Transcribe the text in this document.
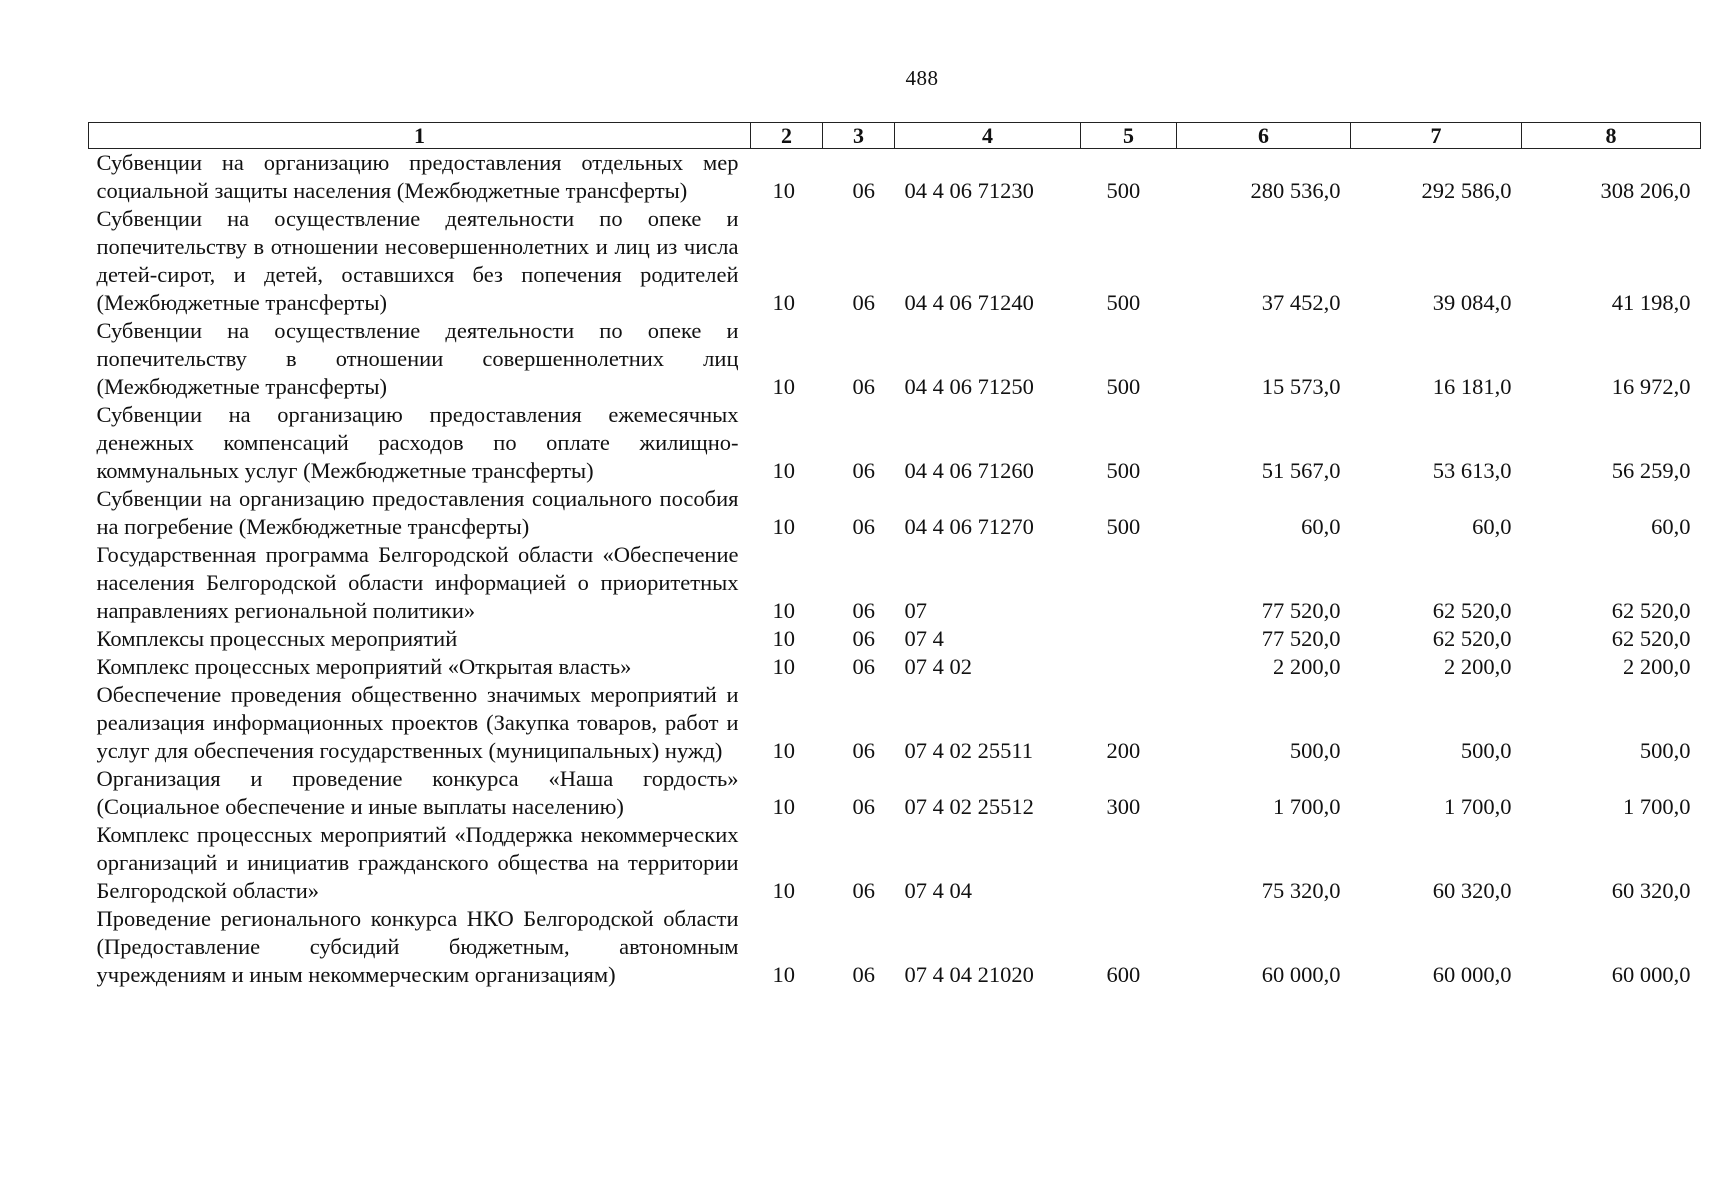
488
1	2	3	4	5	6	7	8
Субвенции на организацию предоставления отдельных мер социальной защиты населения (Межбюджетные трансферты)	10	06	04 4 06 71230	500	280 536,0	292 586,0	308 206,0
Субвенции на осуществление деятельности по опеке и попечительству в отношении несовершеннолетних и лиц из числа детей-сирот, и детей, оставшихся без попечения родителей (Межбюджетные трансферты)	10	06	04 4 06 71240	500	37 452,0	39 084,0	41 198,0
Субвенции на осуществление деятельности по опеке и попечительству в отношении совершеннолетних лиц (Межбюджетные трансферты)	10	06	04 4 06 71250	500	15 573,0	16 181,0	16 972,0
Субвенции на организацию предоставления ежемесячных денежных компенсаций расходов по оплате жилищно-коммунальных услуг (Межбюджетные трансферты)	10	06	04 4 06 71260	500	51 567,0	53 613,0	56 259,0
Субвенции на организацию предоставления социального пособия на погребение (Межбюджетные трансферты)	10	06	04 4 06 71270	500	60,0	60,0	60,0
Государственная программа Белгородской области «Обеспечение населения Белгородской области информацией о приоритетных направлениях региональной политики»	10	06	07		77 520,0	62 520,0	62 520,0
Комплексы процессных мероприятий	10	06	07 4		77 520,0	62 520,0	62 520,0
Комплекс процессных мероприятий «Открытая власть»	10	06	07 4 02		2 200,0	2 200,0	2 200,0
Обеспечение проведения общественно значимых мероприятий и реализация информационных проектов (Закупка товаров, работ и услуг для обеспечения государственных (муниципальных) нужд)	10	06	07 4 02 25511	200	500,0	500,0	500,0
Организация и проведение конкурса «Наша гордость» (Социальное обеспечение и иные выплаты населению)	10	06	07 4 02 25512	300	1 700,0	1 700,0	1 700,0
Комплекс процессных мероприятий «Поддержка некоммерческих организаций и инициатив гражданского общества на территории Белгородской области»	10	06	07 4 04		75 320,0	60 320,0	60 320,0
Проведение регионального конкурса НКО Белгородской области (Предоставление субсидий бюджетным, автономным учреждениям и иным некоммерческим организациям)	10	06	07 4 04 21020	600	60 000,0	60 000,0	60 000,0
